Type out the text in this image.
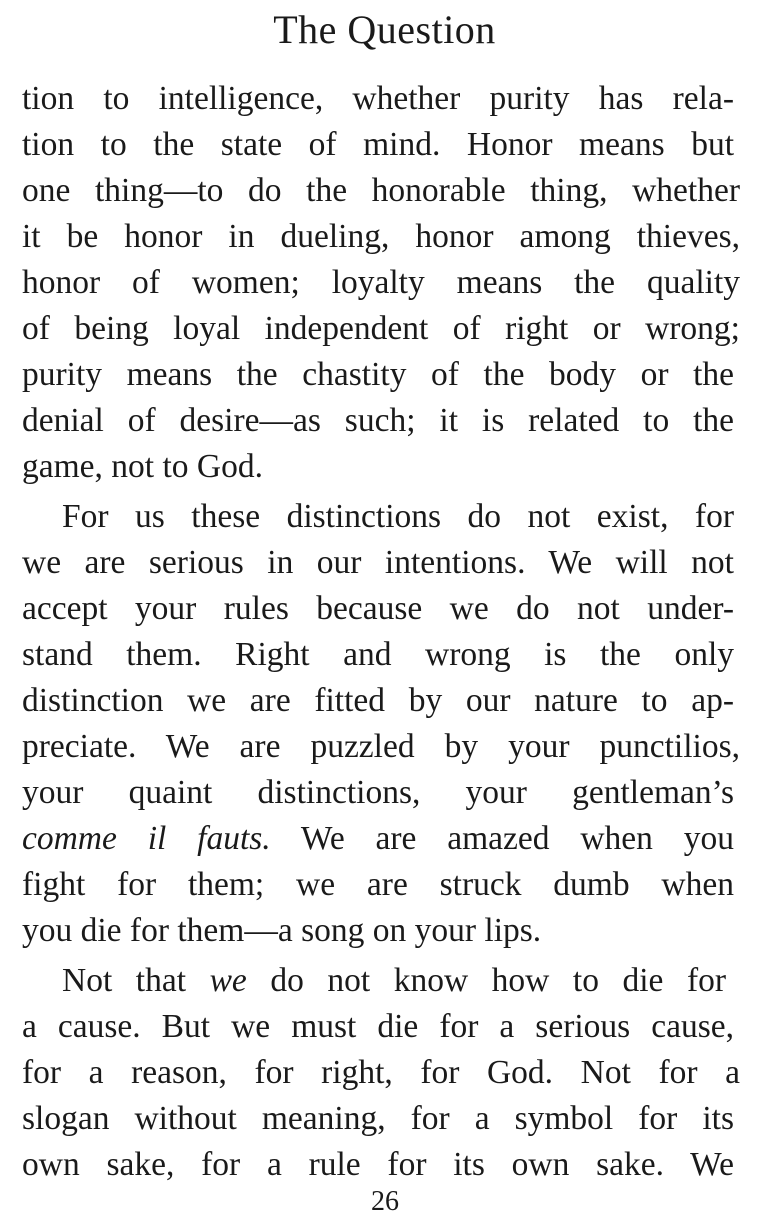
The Question
tion to intelligence, whether purity has rela-
tion to the state of mind. Honor means but
one thing—to do the honorable thing, whether
it be honor in dueling, honor among thieves,
honor of women; loyalty means the quality
of being loyal independent of right or wrong;
purity means the chastity of the body or the
denial of desire—as such; it is related to the
game, not to God.
For us these distinctions do not exist, for
we are serious in our intentions. We will not
accept your rules because we do not under-
stand them. Right and wrong is the only
distinction we are fitted by our nature to ap-
preciate. We are puzzled by your punctilios,
your quaint distinctions, your gentleman’s
comme il fauts. We are amazed when you
fight for them; we are struck dumb when
you die for them—a song on your lips.
Not that we do not know how to die for
a cause. But we must die for a serious cause,
for a reason, for right, for God. Not for a
slogan without meaning, for a symbol for its
own sake, for a rule for its own sake. We
26
